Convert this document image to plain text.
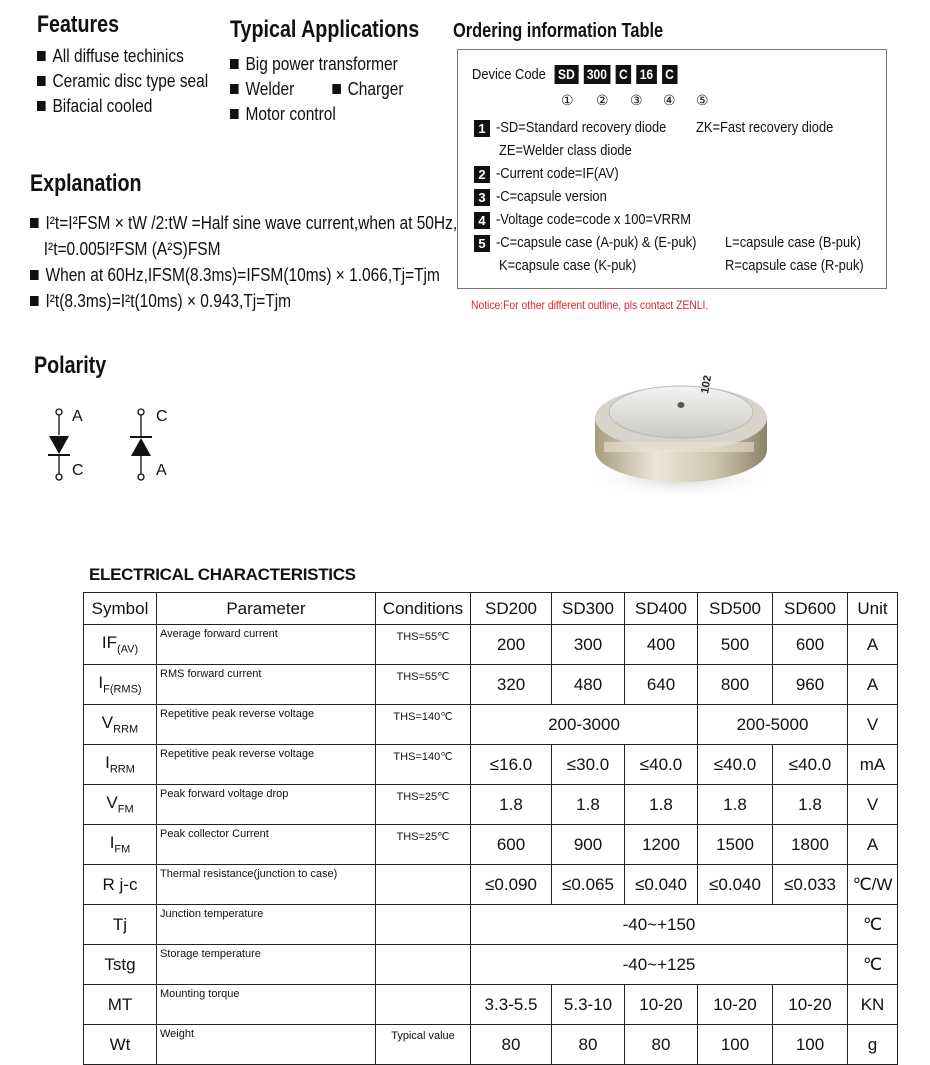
Features
All diffuse techinics
Ceramic disc type seal
Bifacial cooled
Typical Applications
Big power transformer
Welder	Charger
Motor control
Explanation
I²t=I²FSM × tW /2:tW =Half sine wave current,when at 50Hz,
I²t=0.005I²FSM (A²S)FSM
When at 60Hz,IFSM(8.3ms)=IFSM(10ms) × 1.066,Tj=Tjm
I²t(8.3ms)=I²t(10ms) × 0.943,Tj=Tjm
Ordering information Table
Device Code SD 300 C 16 C
① ② ③ ④ ⑤
1 -SD=Standard recovery diode ZK=Fast recovery diode
ZE=Welder class diode
2 -Current code=IF(AV)
3 -C=capsule version
4 -Voltage code=code x 100=VRRM
5 -C=capsule case (A-puk) & (E-puk) L=capsule case (B-puk)
K=capsule case (K-puk)	R=capsule case (R-puk)
Notice:For other different outline, pls contact ZENLI.
Polarity
A
C
C
A
102
ELECTRICAL CHARACTERISTICS
Symbol	Parameter	Conditions	SD200	SD300	SD400	SD500	SD600	Unit
$IF_{(AV)}$	Average forward current	THS=55℃	200	300	400	500	600	A
$I_{F(RMS)}$	RMS forward current	THS=55℃	320	480	640	800	960	A
$V_{RRM}$	Repetitive peak reverse voltage	THS=140℃	200-3000			200-5000		V
$I_{RRM}$	Repetitive peak reverse voltage	THS=140℃	≤16.0	≤30.0	≤40.0	≤40.0	≤40.0	mA
$V_{FM}$	Peak forward voltage drop	THS=25℃	1.8	1.8	1.8	1.8	1.8	V
$I_{FM}$	Peak collector Current	THS=25℃	600	900	1200	1500	1800	A
R j-c	Thermal resistance(junction to case)		≤0.090	≤0.065	≤0.040	≤0.040	≤0.033	℃/W
Tj	Junction temperature		-40~+150					℃
Tstg	Storage temperature		-40~+125					℃
MT	Mounting torque		3.3-5.5	5.3-10	10-20	10-20	10-20	KN
Wt	Weight	Typical value	80	80	80	100	100	g
